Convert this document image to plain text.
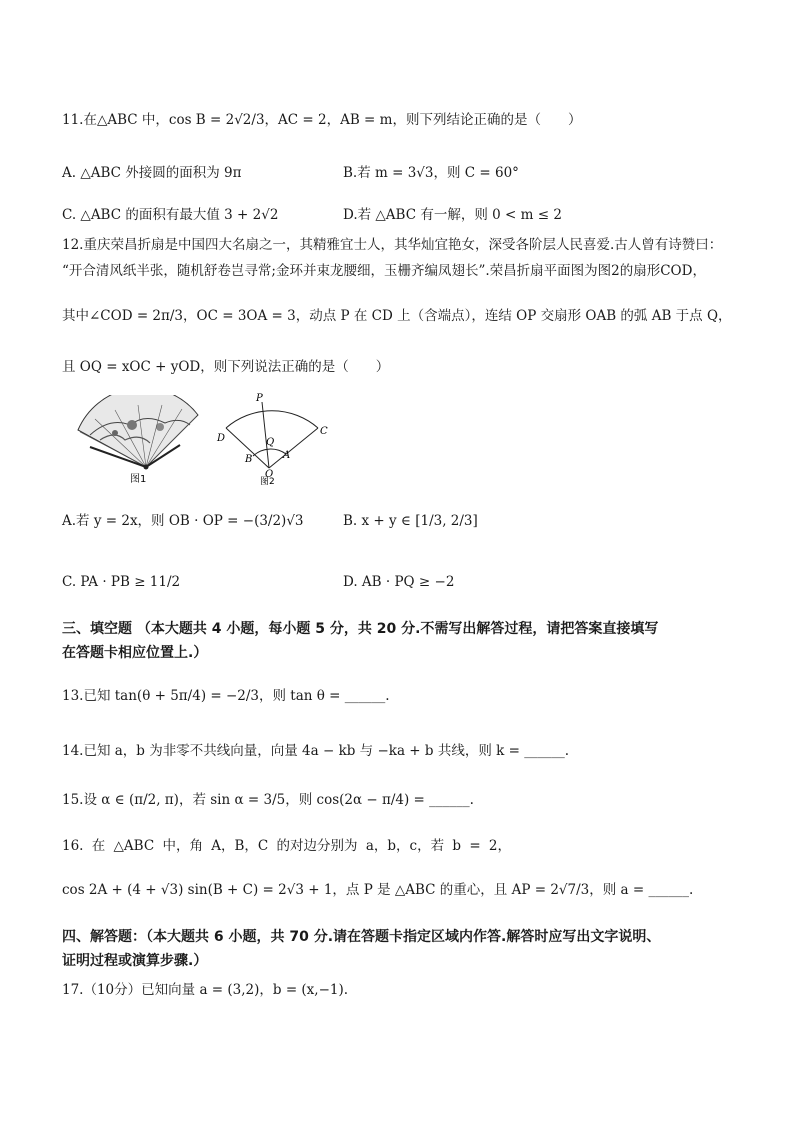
11.在△ABC 中，cos B = 2√2/3，AC = 2，AB = m，则下列结论正确的是（　　）
A. △ABC 外接圆的面积为 9π	B.若 m = 3√3，则 C = 60°
C. △ABC 的面积有最大值 3 + 2√2	D.若 △ABC 有一解，则 0 < m ≤ 2
12.重庆荣昌折扇是中国四大名扇之一，其精雅宜士人，其华灿宜艳女，深受各阶层人民喜爱.古人曾有诗赞曰：
“开合清风纸半张，随机舒卷岂寻常;金环并束龙腰细，玉栅齐编凤翅长”.荣昌折扇平面图为图2的扇形COD，
其中∠COD = 2π/3，OC = 3OA = 3，动点 P 在 CD 上（含端点），连结 OP 交扇形 OAB 的弧 AB 于点 Q，
且 OQ = xOC + yOD，则下列说法正确的是（　　）
图1
P
C
D	Q
B	A
O
图2
A.若 y = 2x，则 OB · OP = −(3/2)√3	B. x + y ∈ [1/3, 2/3]
C. PA · PB ≥ 11/2	D. AB · PQ ≥ −2
三、填空题 （本大题共 4 小题，每小题 5 分，共 20 分.不需写出解答过程，请把答案直接填写
在答题卡相应位置上.）
13.已知 tan(θ + 5π/4) = −2/3，则 tan θ = ______.
14.已知 a，b 为非零不共线向量，向量 4a − kb 与 −ka + b 共线，则 k = ______.
15.设 α ∈ (π/2, π)，若 sin α = 3/5，则 cos(2α − π/4) = ______.
16. 在 △ABC 中，角 A，B，C 的对边分别为 a，b，c，若 b = 2，
cos 2A + (4 + √3) sin(B + C) = 2√3 + 1，点 P 是 △ABC 的重心，且 AP = 2√7/3，则 a = ______.
四、解答题：（本大题共 6 小题，共 70 分.请在答题卡指定区域内作答.解答时应写出文字说明、
证明过程或演算步骤.）
17.（10分）已知向量 a = (3,2)，b = (x,−1).
